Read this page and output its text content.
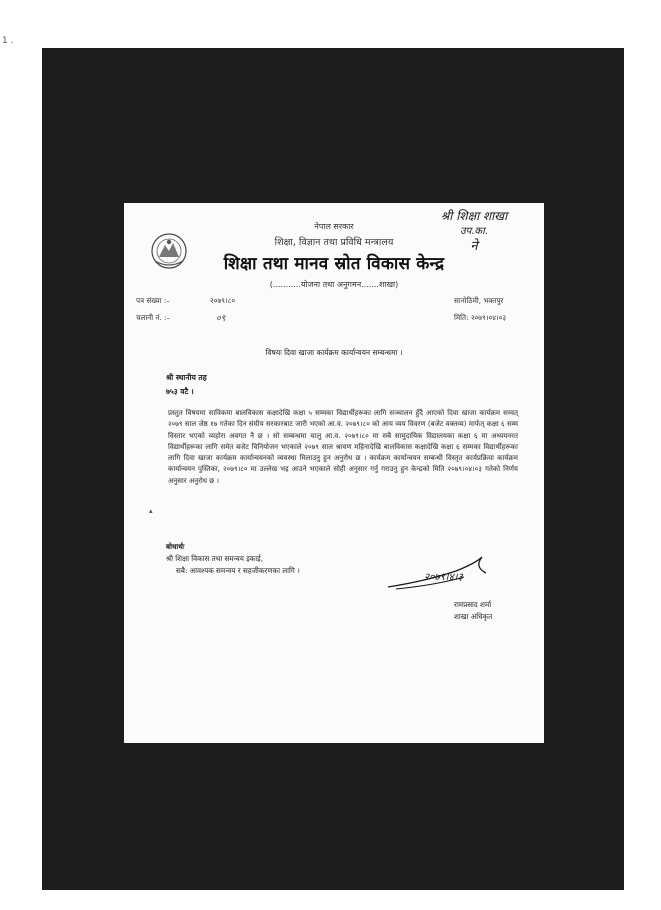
1 .
नेपाल सरकार
शिक्षा, विज्ञान तथा प्रविधि मन्त्रालय
शिक्षा तथा मानव स्रोत विकास केन्द्र
(...........योजना तथा अनुगमन.......शाखा)
श्री शिक्षा शाखा
उप.का.
ने
पत्र संख्या :–	२०७९।८०
चलानी नं. :–	०९
सानोठिमी, भक्तपुर
मिति: २०७९।०४।०३
विषयः दिवा खाजा कार्यक्रम कार्यान्वयन सम्बन्धमा ।
श्री स्थानीय तह
७५३ वटै ।
प्रस्तुत विषयमा साविकमा बालविकास कक्षादेखि कक्षा ५ सम्मका विद्यार्थीहरूका लागि सञ्चालन हुँदै आएको दिवा खाजा कार्यक्रम सम्वत् २०७९ साल जेष्ठ १७ गतेका दिन संघीय सरकारबाट जारी भएको आ.व. २०७९।८० को आय व्यय विवरण (बजेट वक्तव्य) मार्फत् कक्षा ६ सम्म विस्तार भएको व्यहोरा अवगत नै छ । सो सम्बन्धमा चालु आ.व. २०७९।८० मा सबै सामुदायिक विद्यालयका कक्षा ६ मा अध्ययनरत विद्यार्थीहरूका लागि समेत बजेट विनियोजन भएकाले २०७९ साल श्रावण महिनादेखि बालविकास कक्षादेखि कक्षा ६ सम्मका विद्यार्थीहरूका लागि दिवा खाजा कार्यक्रम कार्यान्वयनको व्यवस्था मिलाउनु हुन अनुरोध छ । कार्यक्रम कार्यान्वयन सम्बन्धी विस्तृत कार्यप्रक्रिया कार्यक्रम कार्यान्वयन पुस्तिका, २०७९।८० मा उल्लेख भइ आउने भएकाले सोही अनुसार गर्नु गराउनु हुन केन्द्रको मिति २०७९।०४।०३ गतेको निर्णय अनुसार अनुरोध छ ।
▴
बोधार्थः
श्री शिक्षा विकास तथा समन्वय इकाई,
सबै: आवश्यक समन्वय र सहजीकरणका लागि ।
२०७९।४।३
रामप्रसाद शर्मा
शाखा अधिकृत
